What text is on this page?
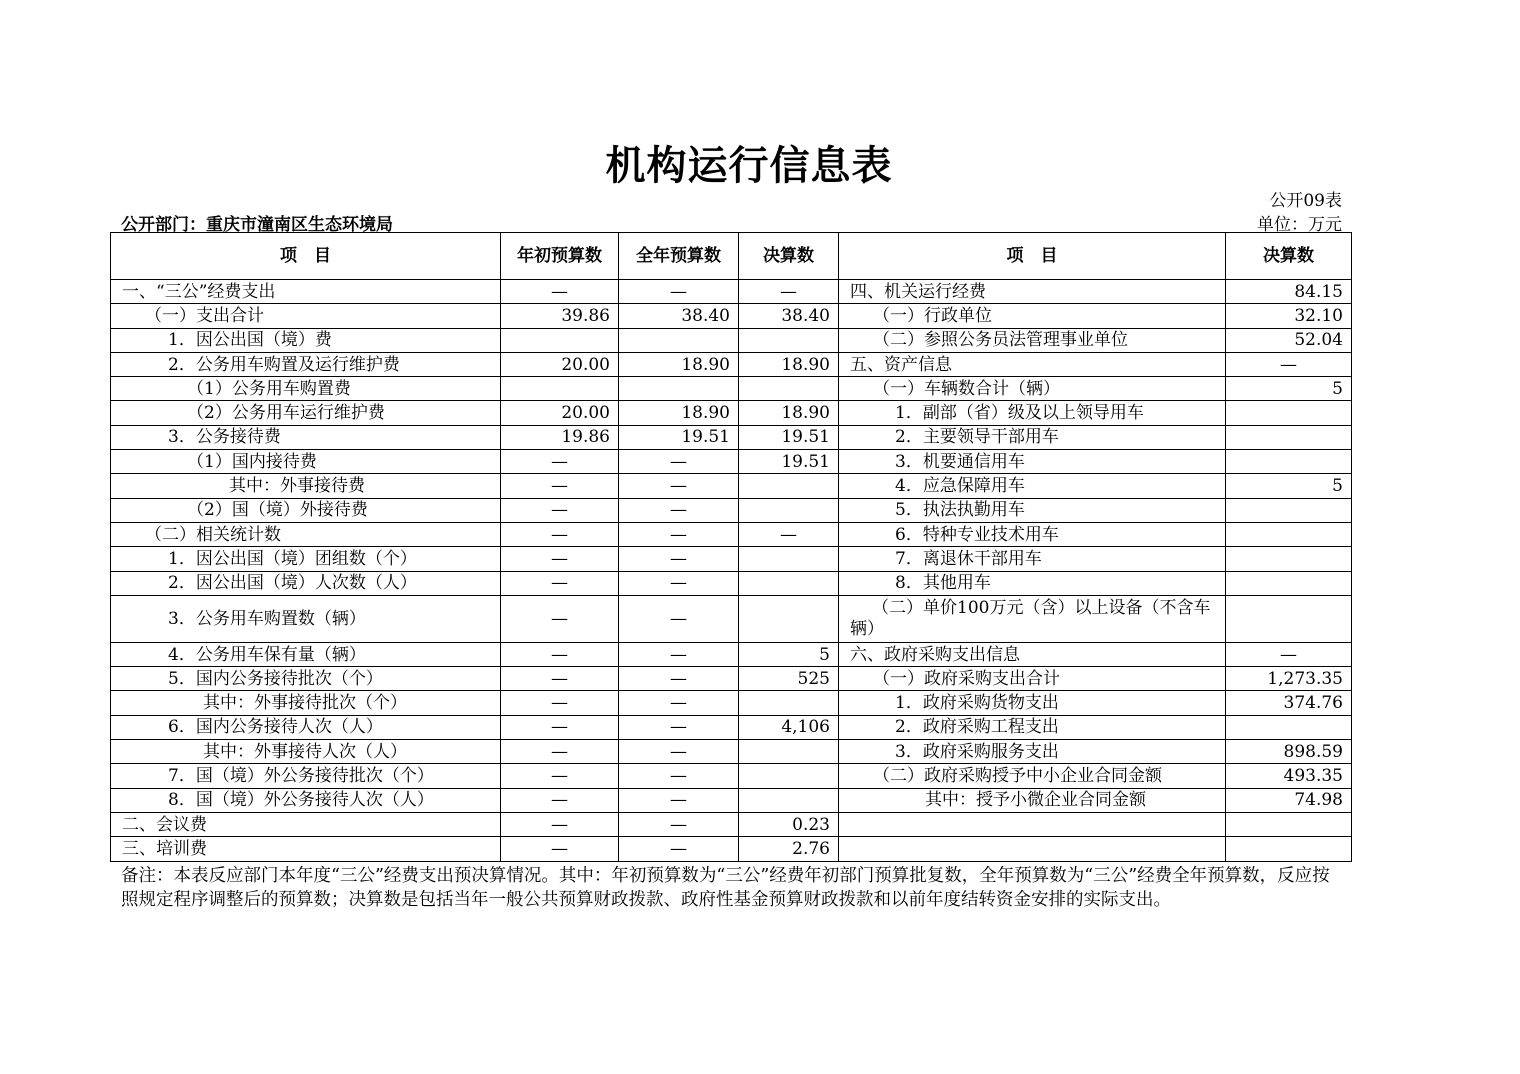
机构运行信息表
公开09表
公开部门：重庆市潼南区生态环境局	单位：万元
项　目	年初预算数	全年预算数	决算数	项　目	决算数
一、“三公”经费支出	—	—	—	四、机关运行经费	84.15
（一）支出合计	39.86	38.40	38.40	（一）行政单位	32.10
1．因公出国（境）费				（二）参照公务员法管理事业单位	52.04
2．公务用车购置及运行维护费	20.00	18.90	18.90	五、资产信息	—
（1）公务用车购置费				（一）车辆数合计（辆）	5
（2）公务用车运行维护费	20.00	18.90	18.90	1．副部（省）级及以上领导用车	
3．公务接待费	19.86	19.51	19.51	2．主要领导干部用车	
（1）国内接待费	—	—	19.51	3．机要通信用车	
其中：外事接待费	—	—		4．应急保障用车	5
（2）国（境）外接待费	—	—		5．执法执勤用车	
（二）相关统计数	—	—	—	6．特种专业技术用车	
1．因公出国（境）团组数（个）	—	—		7．离退休干部用车	
2．因公出国（境）人次数（人）	—	—		8．其他用车	
3．公务用车购置数（辆）	—	—		（二）单价100万元（含）以上设备（不含车辆）	
4．公务用车保有量（辆）	—	—	5	六、政府采购支出信息	—
5．国内公务接待批次（个）	—	—	525	（一）政府采购支出合计	1,273.35
其中：外事接待批次（个）	—	—		1．政府采购货物支出	374.76
6．国内公务接待人次（人）	—	—	4,106	2．政府采购工程支出	
其中：外事接待人次（人）	—	—		3．政府采购服务支出	898.59
7．国（境）外公务接待批次（个）	—	—		（二）政府采购授予中小企业合同金额	493.35
8．国（境）外公务接待人次（人）	—	—		其中：授予小微企业合同金额	74.98
二、会议费	—	—	0.23		
三、培训费	—	—	2.76		
备注：本表反应部门本年度“三公”经费支出预决算情况。其中：年初预算数为“三公”经费年初部门预算批复数，全年预算数为“三公”经费全年预算数，反应按照规定程序调整后的预算数；决算数是包括当年一般公共预算财政拨款、政府性基金预算财政拨款和以前年度结转资金安排的实际支出。
